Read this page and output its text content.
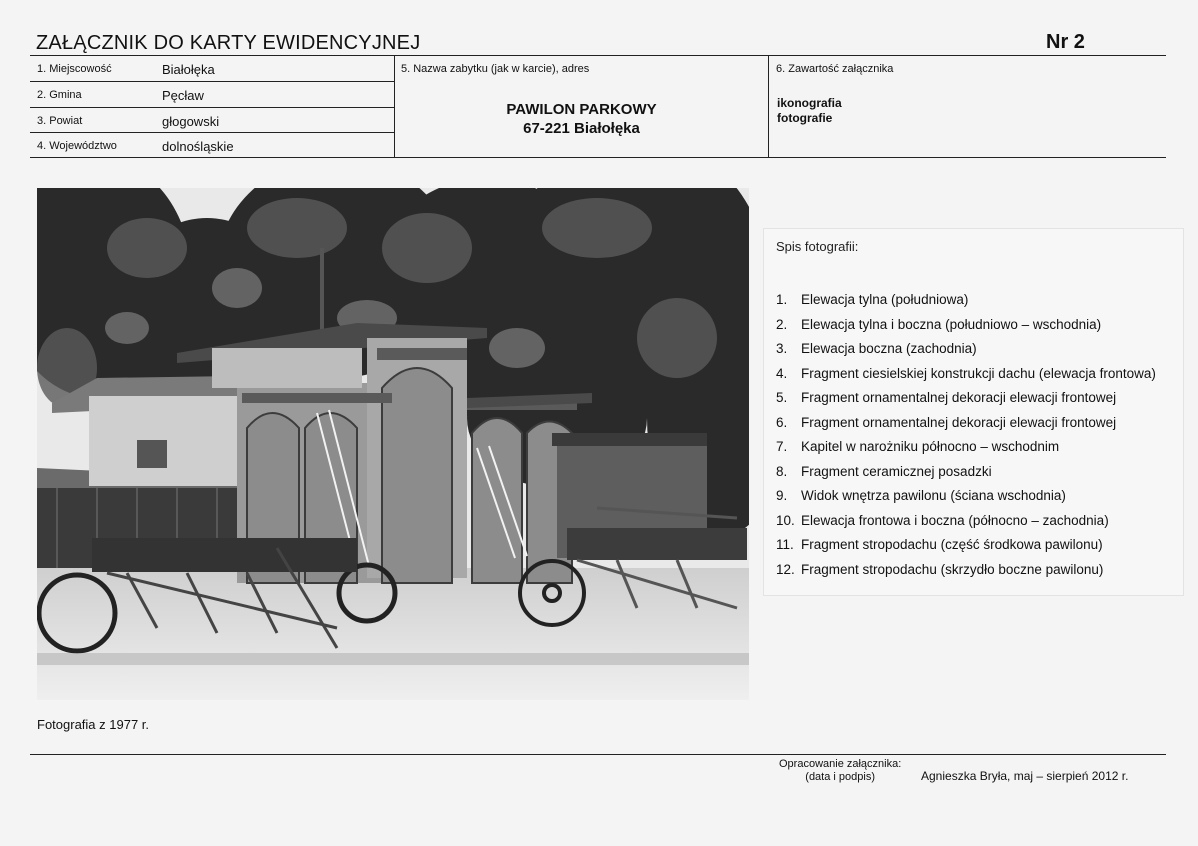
ZAŁĄCZNIK DO KARTY EWIDENCYJNEJ	Nr 2
1. Miejscowość	Białołęka
2. Gmina	Pęcław
3. Powiat	głogowski
4. Województwo	dolnośląskie
5. Nazwa zabytku (jak w karcie), adres
PAWILON PARKOWY
67-221 Białołęka
6. Zawartość załącznika
ikonografia
fotografie
Fotografia z 1977 r.
Spis fotografii:
1. Elewacja tylna (południowa)
2. Elewacja tylna i boczna (południowo – wschodnia)
3. Elewacja boczna (zachodnia)
4. Fragment ciesielskiej konstrukcji dachu (elewacja frontowa)
5. Fragment ornamentalnej dekoracji elewacji frontowej
6. Fragment ornamentalnej dekoracji elewacji frontowej
7. Kapitel w narożniku północno – wschodnim
8. Fragment ceramicznej posadzki
9. Widok wnętrza pawilonu (ściana wschodnia)
10. Elewacja frontowa i boczna (północno – zachodnia)
11. Fragment stropodachu (część środkowa pawilonu)
12. Fragment stropodachu (skrzydło boczne pawilonu)
Opracowanie załącznika:
(data i podpis)	Agnieszka Bryła, maj – sierpień 2012 r.
